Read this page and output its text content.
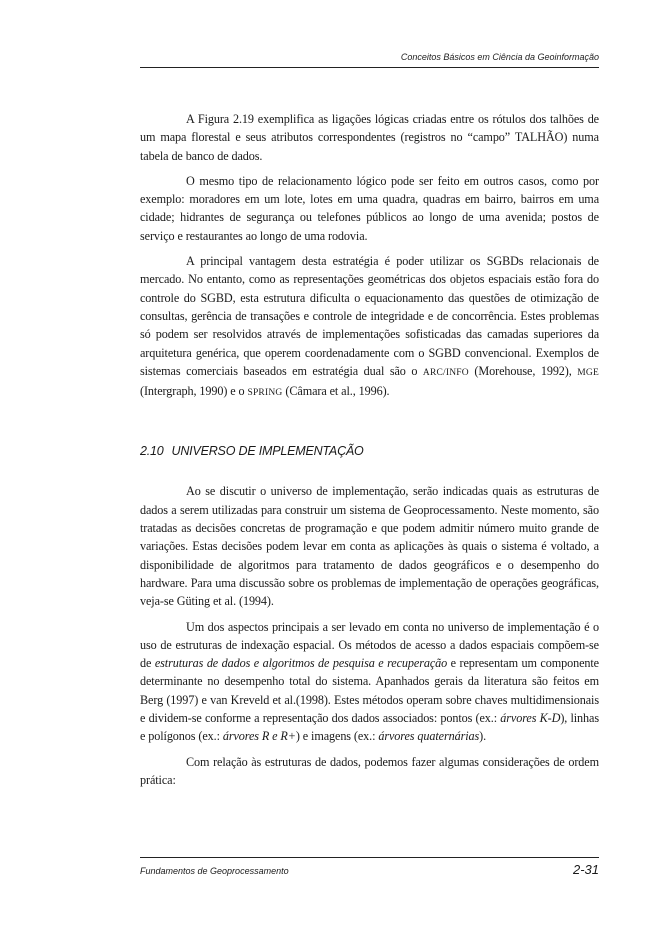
Conceitos Básicos em Ciência da Geoinformação

A Figura 2.19 exemplifica as ligações lógicas criadas entre os rótulos dos talhões de um mapa florestal e seus atributos correspondentes (registros no “campo” TALHÃO) numa tabela de banco de dados.

O mesmo tipo de relacionamento lógico pode ser feito em outros casos, como por exemplo: moradores em um lote, lotes em uma quadra, quadras em bairro, bairros em uma cidade; hidrantes de segurança ou telefones públicos ao longo de uma avenida; postos de serviço e restaurantes ao longo de uma rodovia.

A principal vantagem desta estratégia é poder utilizar os SGBDs relacionais de mercado. No entanto, como as representações geométricas dos objetos espaciais estão fora do controle do SGBD, esta estrutura dificulta o equacionamento das questões de otimização de consultas, gerência de transações e controle de integridade e de concorrência. Estes problemas só podem ser resolvidos através de implementações sofisticadas das camadas superiores da arquitetura genérica, que operem coordenadamente com o SGBD convencional. Exemplos de sistemas comerciais baseados em estratégia dual são o ARC/INFO (Morehouse, 1992), MGE (Intergraph, 1990) e o SPRING (Câmara et al., 1996).

2.10 UNIVERSO DE IMPLEMENTAÇÃO

Ao se discutir o universo de implementação, serão indicadas quais as estruturas de dados a serem utilizadas para construir um sistema de Geoprocessamento. Neste momento, são tratadas as decisões concretas de programação e que podem admitir número muito grande de variações. Estas decisões podem levar em conta as aplicações às quais o sistema é voltado, a disponibilidade de algoritmos para tratamento de dados geográficos e o desempenho do hardware. Para uma discussão sobre os problemas de implementação de operações geográficas, veja-se Güting et al. (1994).

Um dos aspectos principais a ser levado em conta no universo de implementação é o uso de estruturas de indexação espacial. Os métodos de acesso a dados espaciais compõem-se de estruturas de dados e algoritmos de pesquisa e recuperação e representam um componente determinante no desempenho total do sistema. Apanhados gerais da literatura são feitos em Berg (1997) e van Kreveld et al.(1998). Estes métodos operam sobre chaves multidimensionais e dividem-se conforme a representação dos dados associados: pontos (ex.: árvores K-D), linhas e polígonos (ex.: árvores R e R+) e imagens (ex.: árvores quaternárias).

Com relação às estruturas de dados, podemos fazer algumas considerações de ordem prática:

Fundamentos de Geoprocessamento	2-31
